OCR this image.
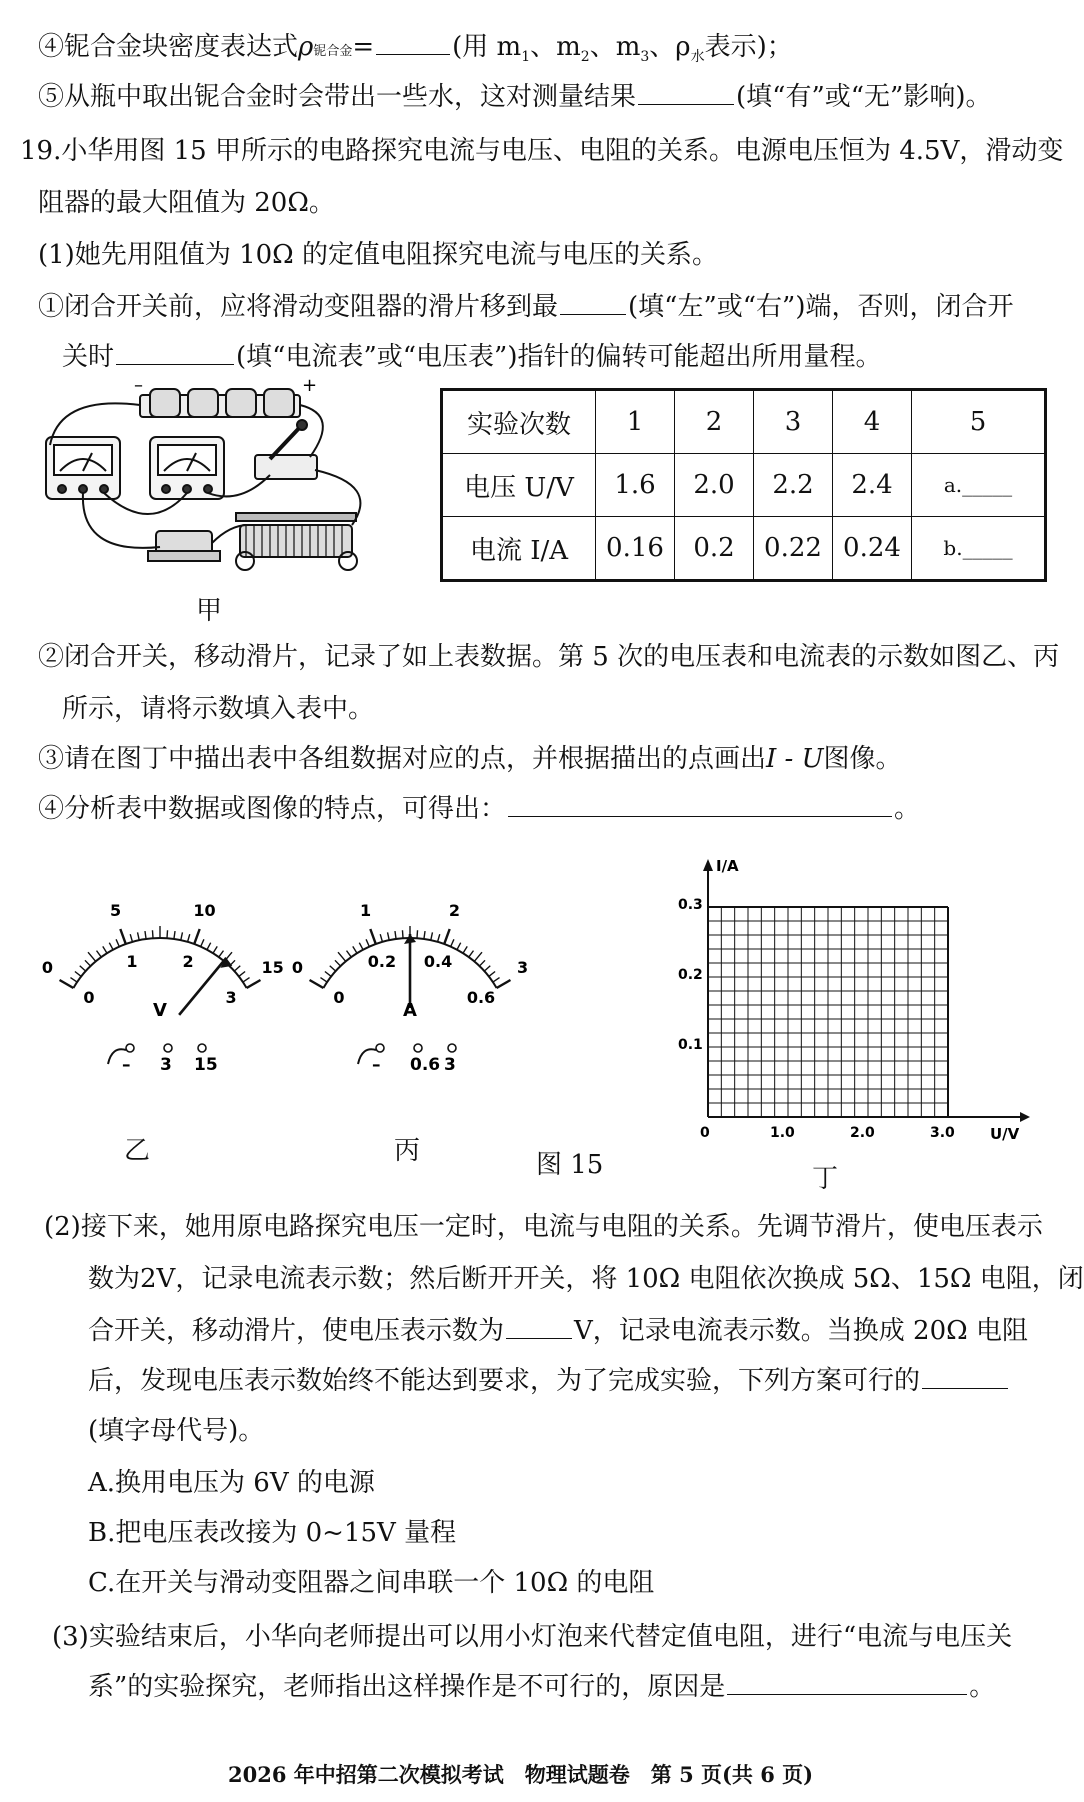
④铌合金块密度表达式ρ铌合金=	(用 $m_1$、$m_2$、$m_3$、$\rho_水$表示)；
⑤从瓶中取出铌合金时会带出一些水，这对测量结果	(填“有”或“无”影响)。
19.小华用图 15 甲所示的电路探究电流与电压、电阻的关系。电源电压恒为 4.5V，滑动变
阻器的最大阻值为 20Ω。
(1)她先用阻值为 10Ω 的定值电阻探究电流与电压的关系。
①闭合开关前，应将滑动变阻器的滑片移到最	(填“左”或“右”)端，否则，闭合开
关时	(填“电流表”或“电压表”)指针的偏转可能超出所用量程。
–	+
甲
实验次数	1	2	3	4	5
电压 U/V	1.6	2.0	2.2	2.4	a._____
电流 I/A	0.16	0.2	0.22	0.24	b._____
②闭合开关，移动滑片，记录了如上表数据。第 5 次的电压表和电流表的示数如图乙、丙
所示，请将示数填入表中。
③请在图丁中描出表中各组数据对应的点，并根据描出的点画出I - U图像。
④分析表中数据或图像的特点，可得出：	。
0
5	10
15
0
1	2
3
V
– 3 15
0
1	2
3
0
0.2 0.4
0.6
A
– 0.6 3
乙	丙	图 15
I/A
U/V
0
0.1
0.2
0.3
1.0	2.0	3.0
丁
(2)接下来，她用原电路探究电压一定时，电流与电阻的关系。先调节滑片，使电压表示
数为2V，记录电流表示数；然后断开开关，将 10Ω 电阻依次换成 5Ω、15Ω 电阻，闭
合开关，移动滑片，使电压表示数为	V，记录电流表示数。当换成 20Ω 电阻
后，发现电压表示数始终不能达到要求，为了完成实验，下列方案可行的
(填字母代号)。
A.换用电压为 6V 的电源
B.把电压表改接为 0~15V 量程
C.在开关与滑动变阻器之间串联一个 10Ω 的电阻
(3)实验结束后，小华向老师提出可以用小灯泡来代替定值电阻，进行“电流与电压关
系”的实验探究，老师指出这样操作是不可行的，原因是	。
2026 年中招第二次模拟考试　物理试题卷　第 5 页(共 6 页)
